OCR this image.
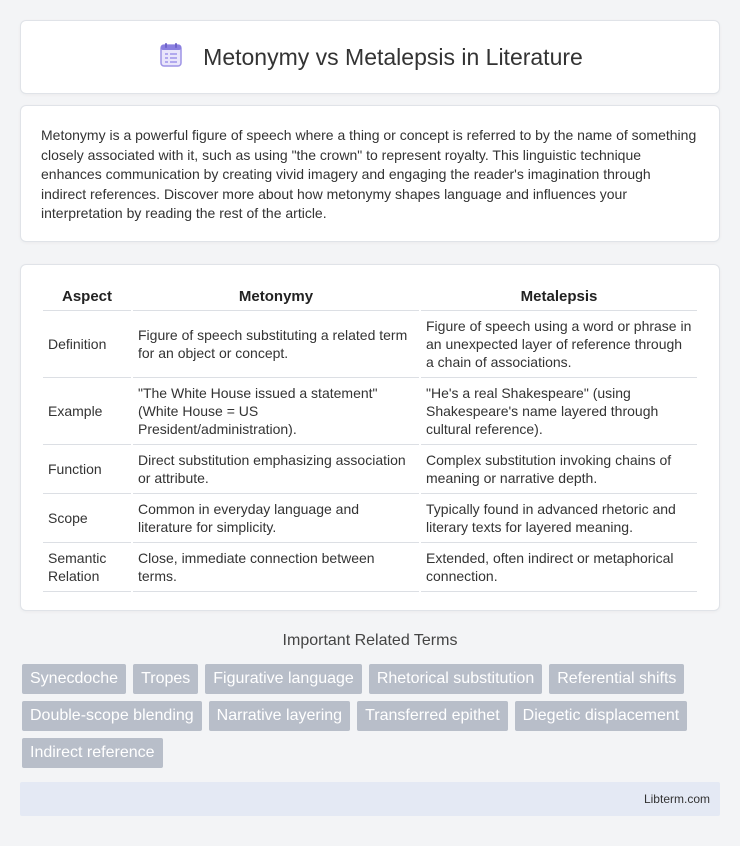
Metonymy vs Metalepsis in Literature

Metonymy is a powerful figure of speech where a thing or concept is referred to by the name of something closely associated with it, such as using "the crown" to represent royalty. This linguistic technique enhances communication by creating vivid imagery and engaging the reader's imagination through indirect references. Discover more about how metonymy shapes language and influences your interpretation by reading the rest of the article.

Aspect	Metonymy	Metalepsis
Definition	Figure of speech substituting a related term for an object or concept.	Figure of speech using a word or phrase in an unexpected layer of reference through a chain of associations.
Example	"The White House issued a statement" (White House = US President/administration).	"He's a real Shakespeare" (using Shakespeare's name layered through cultural reference).
Function	Direct substitution emphasizing association or attribute.	Complex substitution invoking chains of meaning or narrative depth.
Scope	Common in everyday language and literature for simplicity.	Typically found in advanced rhetoric and literary texts for layered meaning.
Semantic Relation	Close, immediate connection between terms.	Extended, often indirect or metaphorical connection.
Important Related Terms
Synecdoche	Tropes	Figurative language	Rhetorical substitution	Referential shifts
Double-scope blending	Narrative layering	Transferred epithet	Diegetic displacement
Indirect reference
Libterm.com
